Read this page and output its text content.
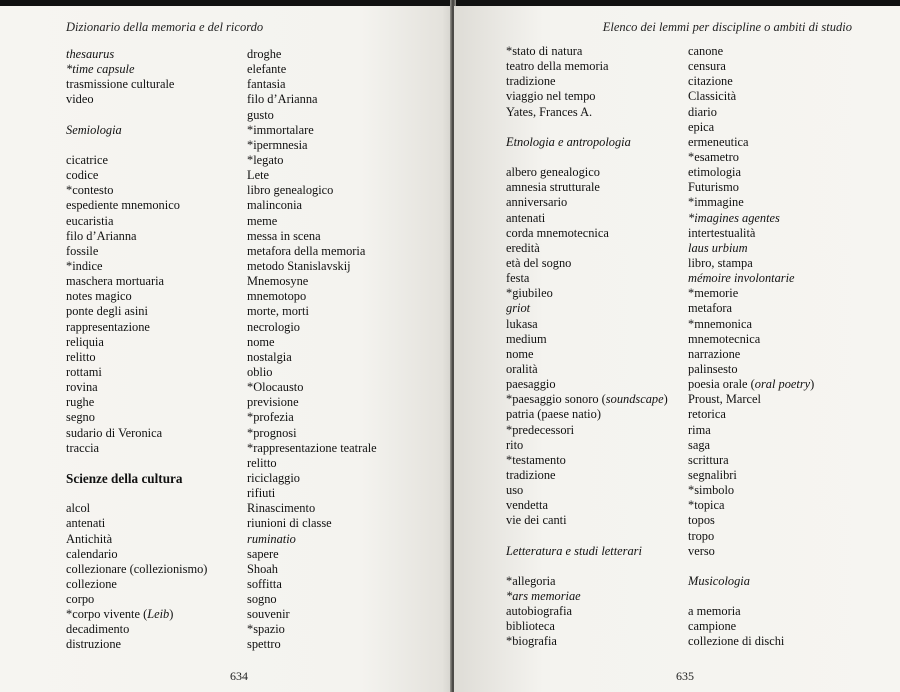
Dizionario della memoria e del ricordo
thesaurus
*time capsule
trasmissione culturale
video
Semiologia
cicatrice
codice
*contesto
espediente mnemonico
eucaristia
filo d’Arianna
fossile
*indice
maschera mortuaria
notes magico
ponte degli asini
rappresentazione
reliquia
relitto
rottami
rovina
rughe
segno
sudario di Veronica
traccia
Scienze della cultura
alcol
antenati
Antichità
calendario
collezionare (collezionismo)
collezione
corpo
*corpo vivente (Leib)
decadimento
distruzione
droghe
elefante
fantasia
filo d’Arianna
gusto
*immortalare
*ipermnesia
*legato
Lete
libro genealogico
malinconia
meme
messa in scena
metafora della memoria
metodo Stanislavskij
Mnemosyne
mnemotopo
morte, morti
necrologio
nome
nostalgia
oblio
*Olocausto
previsione
*profezia
*prognosi
*rappresentazione teatrale
relitto
riciclaggio
rifiuti
Rinascimento
riunioni di classe
ruminatio
sapere
Shoah
soffitta
sogno
souvenir
*spazio
spettro
634
Elenco dei lemmi per discipline o ambiti di studio
*stato di natura
teatro della memoria
tradizione
viaggio nel tempo
Yates, Frances A.
Etnologia e antropologia
albero genealogico
amnesia strutturale
anniversario
antenati
corda mnemotecnica
eredità
età del sogno
festa
*giubileo
griot
lukasa
medium
nome
oralità
paesaggio
*paesaggio sonoro (soundscape)
patria (paese natio)
*predecessori
rito
*testamento
tradizione
uso
vendetta
vie dei canti
Letteratura e studi letterari
*allegoria
*ars memoriae
autobiografia
biblioteca
*biografia
canone
censura
citazione
Classicità
diario
epica
ermeneutica
*esametro
etimologia
Futurismo
*immagine
*imagines agentes
intertestualità
laus urbium
libro, stampa
mémoire involontarie
*memorie
metafora
*mnemonica
mnemotecnica
narrazione
palinsesto
poesia orale (oral poetry)
Proust, Marcel
retorica
rima
saga
scrittura
segnalibri
*simbolo
*topica
topos
tropo
verso
Musicologia
a memoria
campione
collezione di dischi
635
